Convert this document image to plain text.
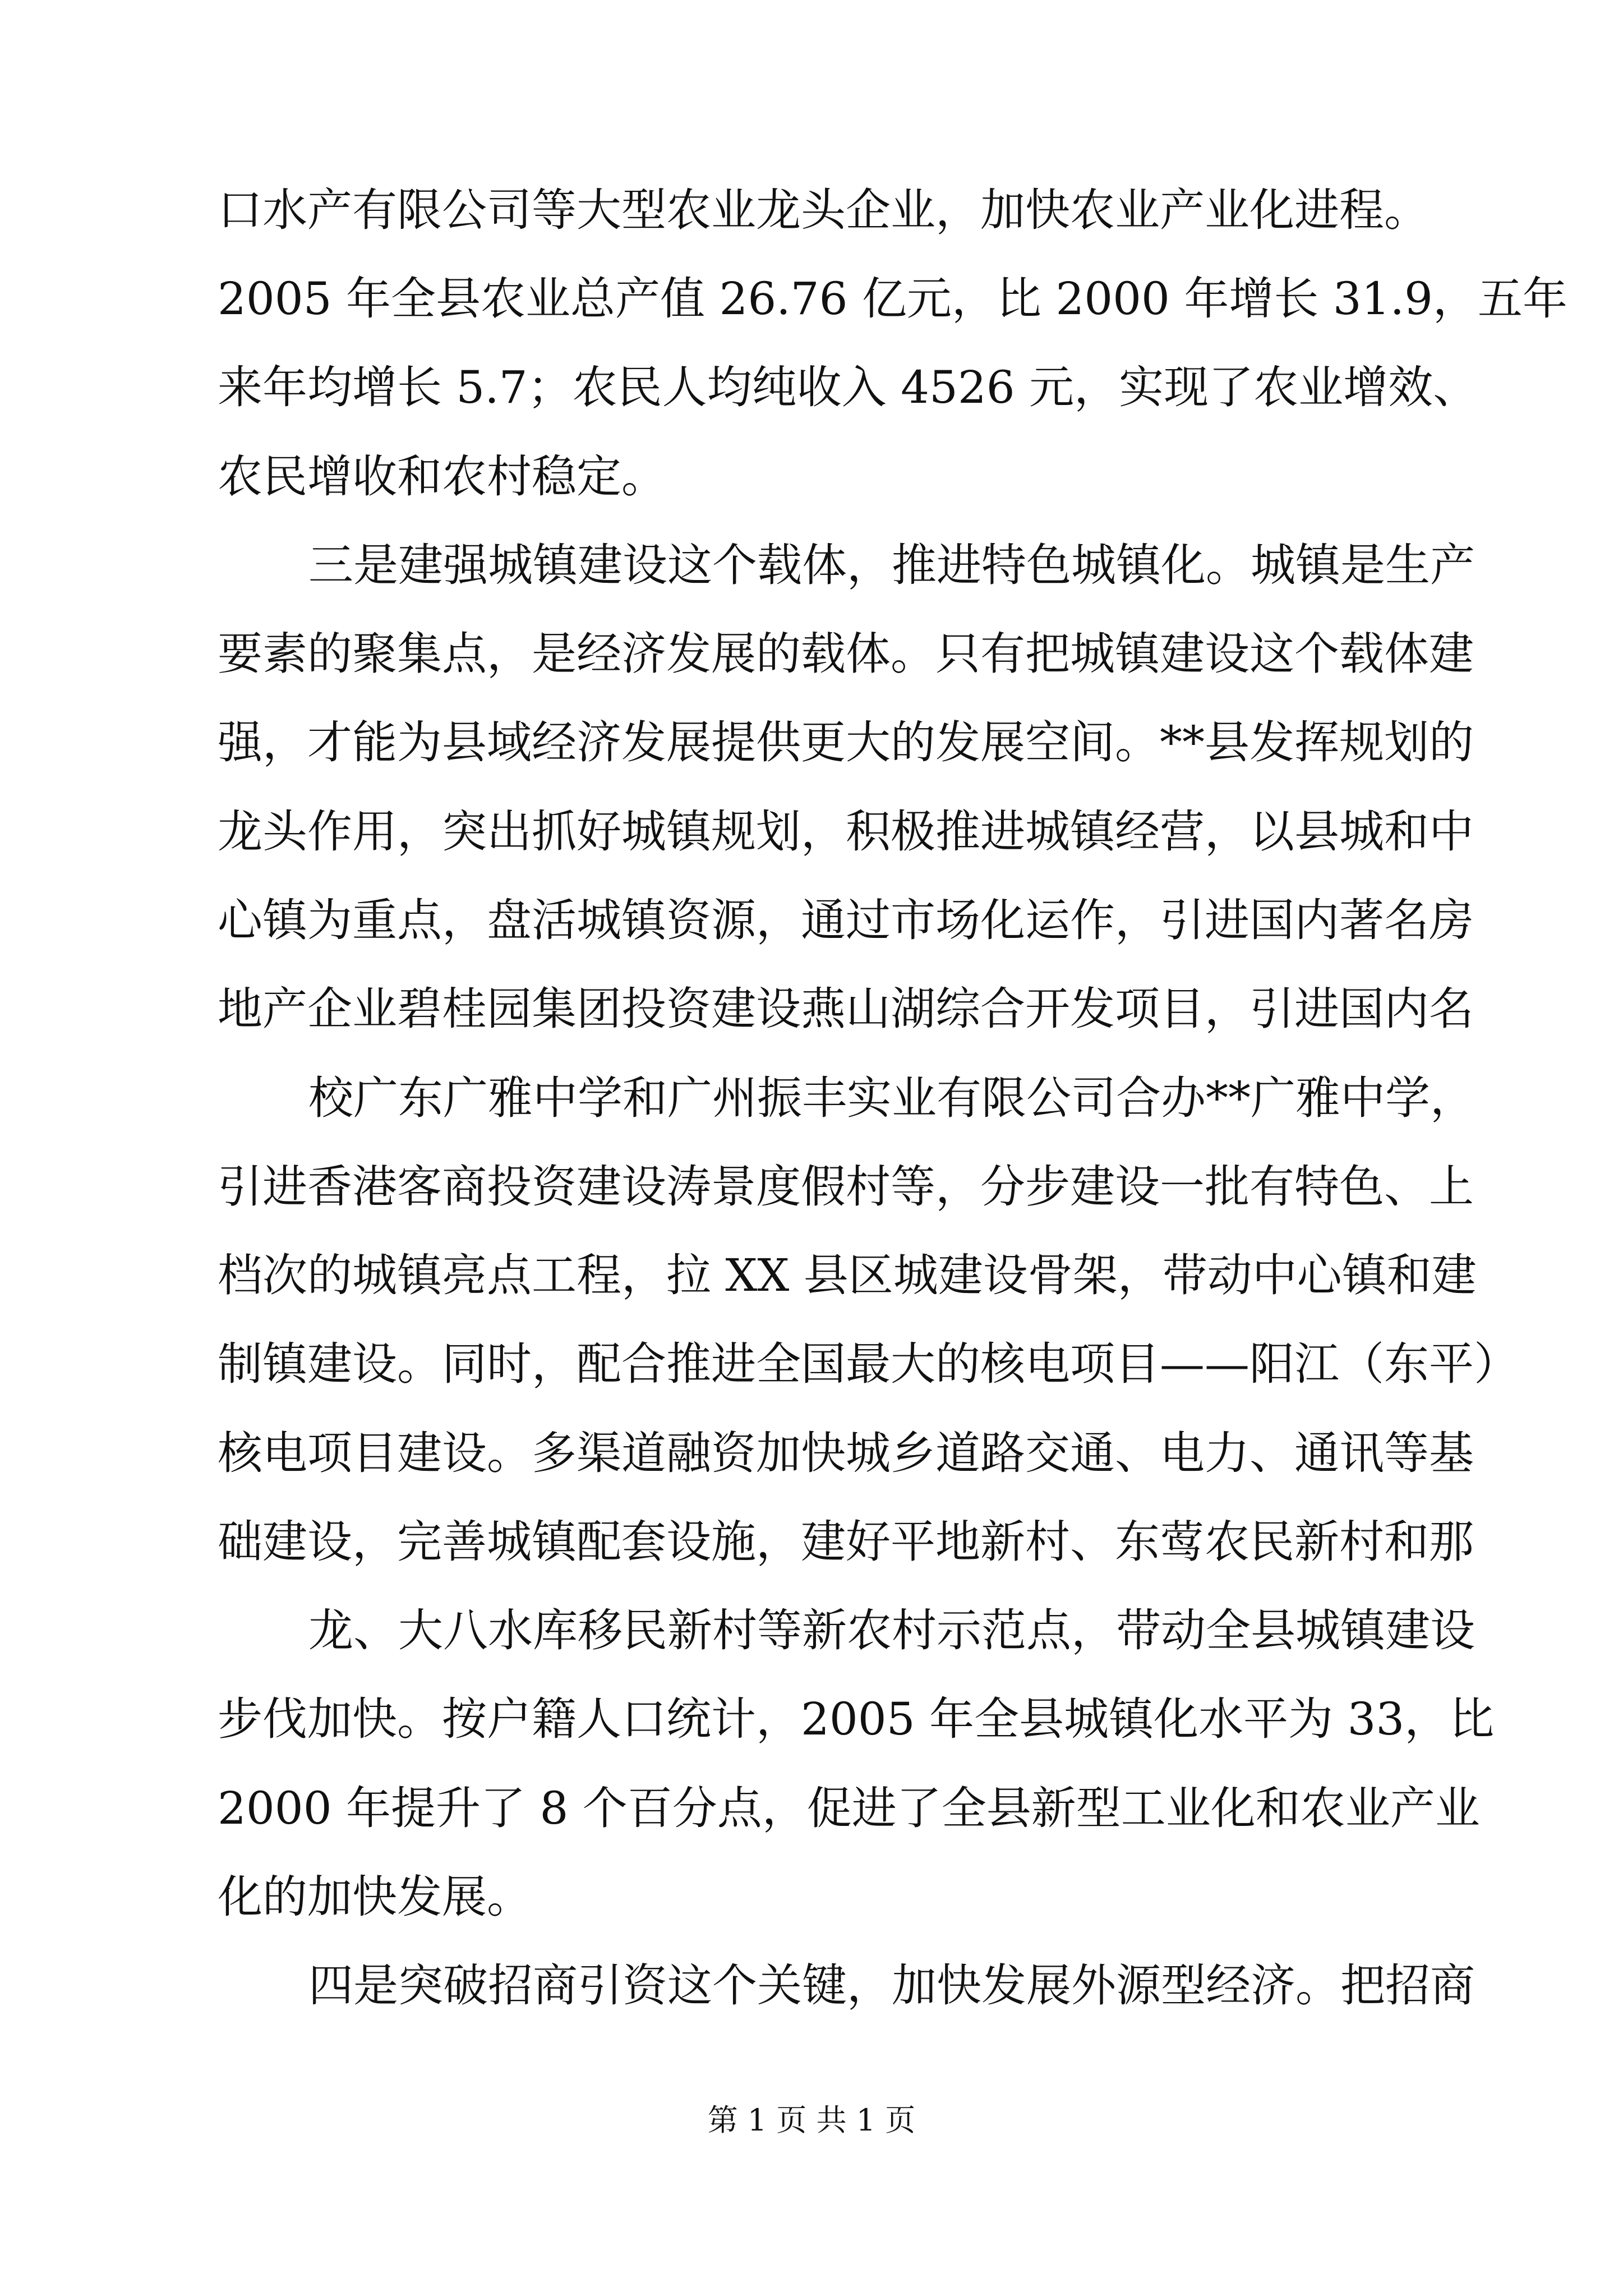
口水产有限公司等大型农业龙头企业，加快农业产业化进程。
2005 年全县农业总产值 26.76 亿元，比 2000 年增长 31.9，五年
来年均增长 5.7；农民人均纯收入 4526 元，实现了农业增效、
农民增收和农村稳定。
三是建强城镇建设这个载体，推进特色城镇化。城镇是生产
要素的聚集点，是经济发展的载体。只有把城镇建设这个载体建
强，才能为县域经济发展提供更大的发展空间。**县发挥规划的
龙头作用，突出抓好城镇规划，积极推进城镇经营，以县城和中
心镇为重点，盘活城镇资源，通过市场化运作，引进国内著名房
地产企业碧桂园集团投资建设燕山湖综合开发项目，引进国内名
校广东广雅中学和广州振丰实业有限公司合办**广雅中学，
引进香港客商投资建设涛景度假村等，分步建设一批有特色、上
档次的城镇亮点工程，拉 XX 县区城建设骨架，带动中心镇和建
制镇建设。同时，配合推进全国最大的核电项目——阳江（东平）
核电项目建设。多渠道融资加快城乡道路交通、电力、通讯等基
础建设，完善城镇配套设施，建好平地新村、东莺农民新村和那
龙、大八水库移民新村等新农村示范点，带动全县城镇建设
步伐加快。按户籍人口统计，2005 年全县城镇化水平为 33，比
2000 年提升了 8 个百分点，促进了全县新型工业化和农业产业
化的加快发展。
四是突破招商引资这个关键，加快发展外源型经济。把招商
第 1 页 共 1 页
